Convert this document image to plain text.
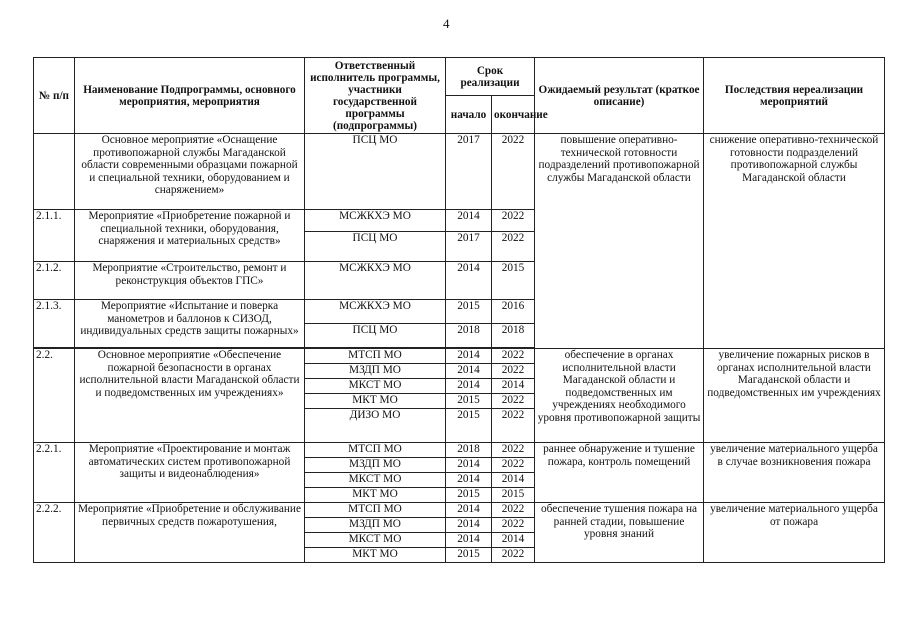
4
№ п/п	Наименование Подпрограммы, основного мероприятия, мероприятия	Ответственный исполнитель программы, участники государственной программы (подпрограммы)	Срок реализации		Ожидаемый результат (краткое описание)	Последствия нереализации мероприятий
			начало	окончание		
	Основное мероприятие «Оснащение противопожарной службы Магаданской области современными образцами пожарной и специальной техники, оборудованием и снаряжением»	ПСЦ МО	2017	2022	повышение оперативно-технической готовности подразделений противопожарной службы Магаданской области	снижение оперативно-технической готовности подразделений противопожарной службы Магаданской области
2.1.1.	Мероприятие «Приобретение пожарной и специальной техники, оборудования, снаряжения и материальных средств»	МСЖКХЭ МО	2014	2022		
		ПСЦ МО	2017	2022		
2.1.2.	Мероприятие «Строительство, ремонт и реконструкция объектов ГПС»	МСЖКХЭ МО	2014	2015		
2.1.3.	Мероприятие «Испытание и поверка манометров и баллонов к СИЗОД, индивидуальных средств защиты пожарных»	МСЖКХЭ МО	2015	2016		
		ПСЦ МО	2018	2018		

2.2.	Основное мероприятие «Обеспечение пожарной безопасности в органах исполнительной власти Магаданской области и подведомственных им учреждениях»	МТСП МО	2014	2022	обеспечение в органах исполнительной власти Магаданской области и подведомственных им учреждениях необходимого уровня противопожарной защиты	увеличение пожарных рисков в органах исполнительной власти Магаданской области и подведомственных им учреждениях
		МЗДП МО	2014	2022		
		МКСТ МО	2014	2014		
		МКТ МО	2015	2022		
		ДИЗО МО	2015	2022		
2.2.1.	Мероприятие «Проектирование и монтаж автоматических систем противопожарной защиты и видеонаблюдения»	МТСП МО	2018	2022	раннее обнаружение и тушение пожара, контроль помещений	увеличение материального ущерба в случае возникновения пожара
		МЗДП МО	2014	2022		
		МКСТ МО	2014	2014		
		МКТ МО	2015	2015		
2.2.2.	Мероприятие «Приобретение и обслуживание первичных средств пожаротушения,	МТСП МО	2014	2022	обеспечение тушения пожара на ранней стадии, повышение уровня знаний	увеличение материального ущерба от пожара
		МЗДП МО	2014	2022		
		МКСТ МО	2014	2014		
		МКТ МО	2015	2022		
